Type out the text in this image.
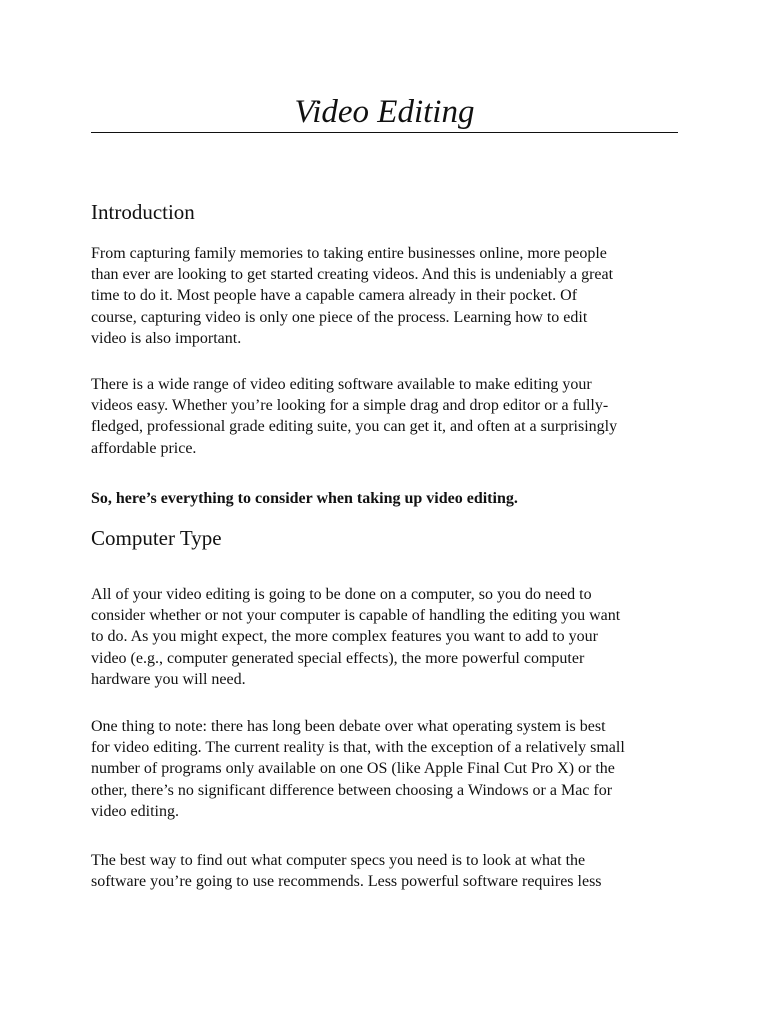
Video Editing
Introduction

From capturing family memories to taking entire businesses online, more people
than ever are looking to get started creating videos. And this is undeniably a great
time to do it. Most people have a capable camera already in their pocket. Of
course, capturing video is only one piece of the process. Learning how to edit
video is also important.

There is a wide range of video editing software available to make editing your
videos easy. Whether you’re looking for a simple drag and drop editor or a fully-
fledged, professional grade editing suite, you can get it, and often at a surprisingly
affordable price.

So, here’s everything to consider when taking up video editing.

Computer Type

All of your video editing is going to be done on a computer, so you do need to
consider whether or not your computer is capable of handling the editing you want
to do. As you might expect, the more complex features you want to add to your
video (e.g., computer generated special effects), the more powerful computer
hardware you will need.

One thing to note: there has long been debate over what operating system is best
for video editing. The current reality is that, with the exception of a relatively small
number of programs only available on one OS (like Apple Final Cut Pro X) or the
other, there’s no significant difference between choosing a Windows or a Mac for
video editing.

The best way to find out what computer specs you need is to look at what the
software you’re going to use recommends. Less powerful software requires less
